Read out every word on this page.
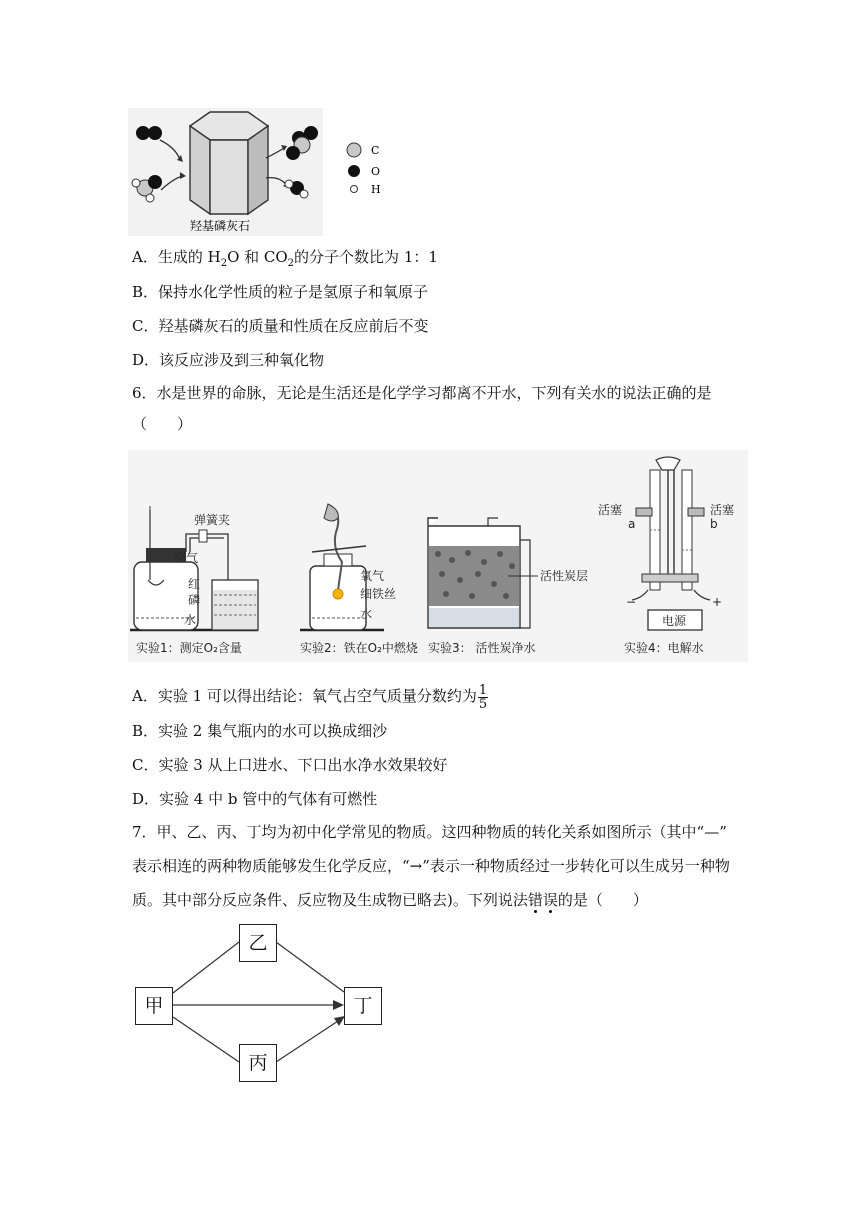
C
O
H
羟基磷灰石
A．生成的 $H_2O$ 和 $CO_2$的分子个数比为 1：1
B．保持水化学性质的粒子是氢原子和氧原子
C．羟基磷灰石的质量和性质在反应前后不变
D．该反应涉及到三种氧化物
6．水是世界的命脉，无论是生活还是化学学习都离不开水，下列有关水的说法正确的是
（　　）
弹簧夹
空气
红
磷
水
实验1：测定O₂含量
氧气
细铁丝
水
实验2：铁在O₂中燃烧
活性炭层
实验3： 活性炭净水
活塞	活塞
a	b
−	+
电源
实验4：电解水
A．实验 1 可以得出结论：氧气占空气质量分数约为 $\frac{1}{5}$
B．实验 2 集气瓶内的水可以换成细沙
C．实验 3 从上口进水、下口出水净水效果较好
D．实验 4 中 b 管中的气体有可燃性
7．甲、乙、丙、丁均为初中化学常见的物质。这四种物质的转化关系如图所示（其中“—”
表示相连的两种物质能够发生化学反应，“→”表示一种物质经过一步转化可以生成另一种物
质。其中部分反应条件、反应物及生成物已略去)。下列说法错误的是（　　）
甲
乙
丙
丁
